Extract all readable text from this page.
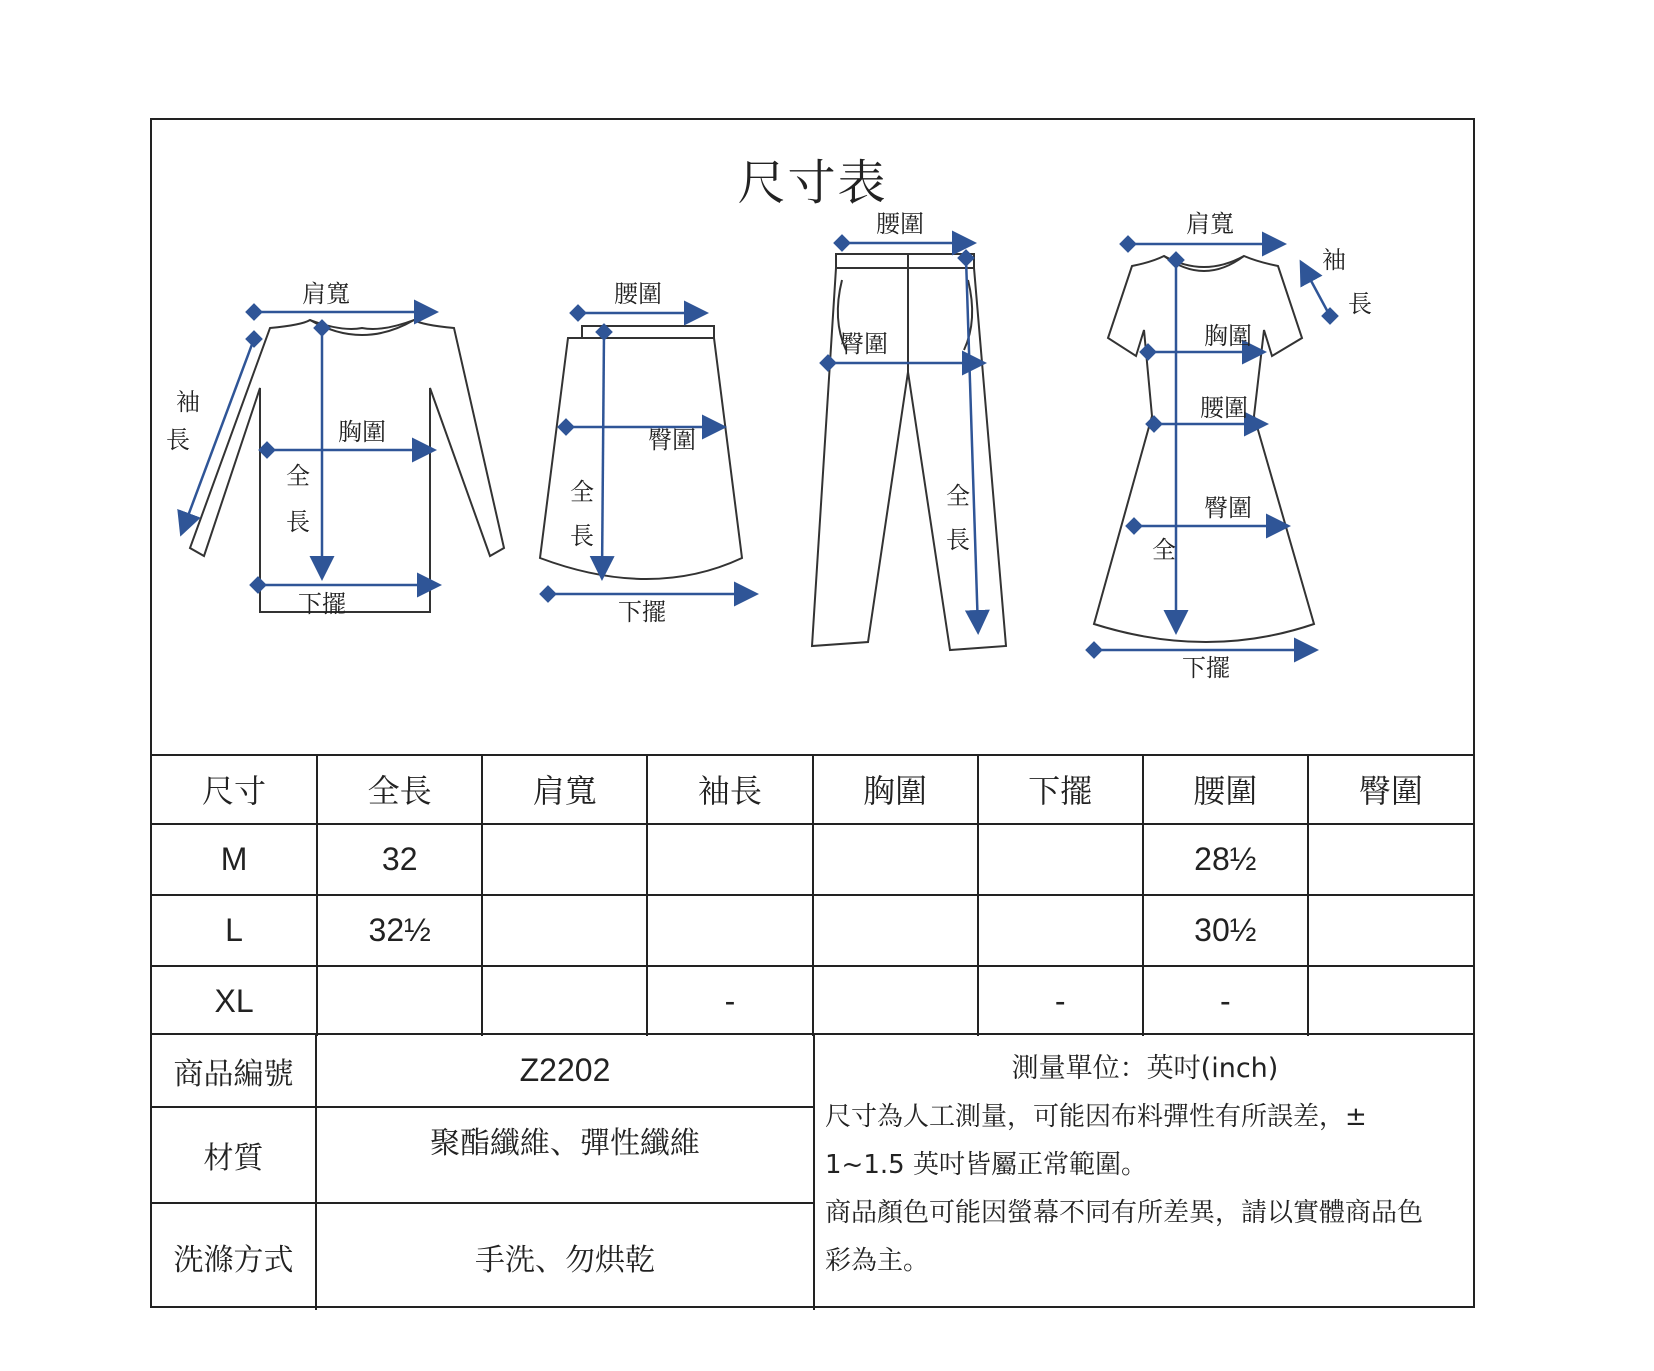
尺寸表
肩寬
袖
長	胸圍
全
長
下擺
腰圍
臀圍
全
長
下擺
腰圍
臀圍
全
長
肩寬
袖
長
胸圍
腰圍
臀圍
全
下擺
尺寸	全長	肩寬	袖長	胸圍	下擺	腰圍	臀圍
M	32					28½	
L	32½					30½	
XL			-		-	-	
商品編號	Z2202
材質	聚酯纖維、彈性纖維
洗滌方式	手洗、勿烘乾
測量單位：英吋(inch)
尺寸為人工測量，可能因布料彈性有所誤差，±
1~1.5 英吋皆屬正常範圍。
商品顏色可能因螢幕不同有所差異，請以實體商品色
彩為主。
